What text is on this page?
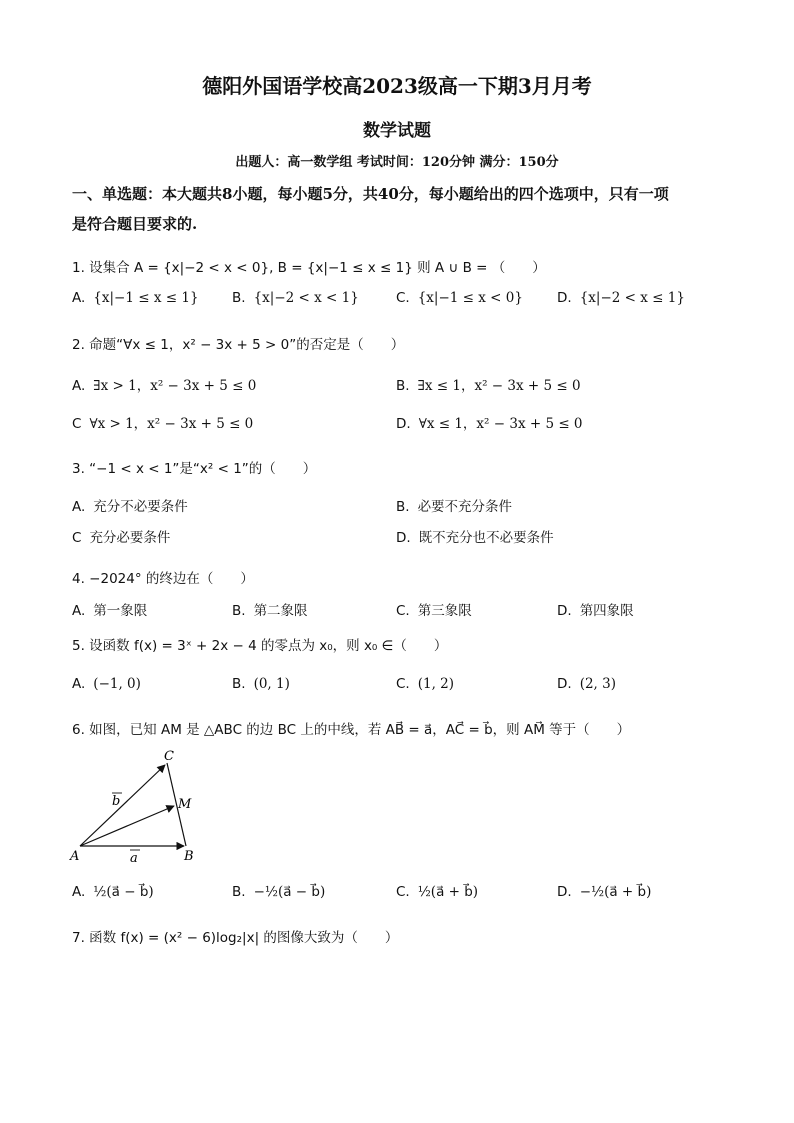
德阳外国语学校高2023级高一下期3月月考
数学试题
出题人：高一数学组 考试时间：120分钟 满分：150分
一、单选题：本大题共8小题，每小题5分，共40分，每小题给出的四个选项中，只有一项
是符合题目要求的.
1. 设集合 A = {x|−2 < x < 0}, B = {x|−1 ≤ x ≤ 1} 则 A ∪ B = （　　）
A. {x|−1 ≤ x ≤ 1} B. {x|−2 < x < 1}	C. {x|−1 ≤ x < 0}	D. {x|−2 < x ≤ 1}
2. 命题“∀x ≤ 1，x² − 3x + 5 > 0”的否定是（　　）
A. ∃x > 1，x² − 3x + 5 ≤ 0	B. ∃x ≤ 1，x² − 3x + 5 ≤ 0
C ∀x > 1，x² − 3x + 5 ≤ 0	D. ∀x ≤ 1，x² − 3x + 5 ≤ 0
3. “−1 < x < 1”是“x² < 1”的（　　）
A. 充分不必要条件	B. 必要不充分条件
C 充分必要条件	D. 既不充分也不必要条件
4. −2024° 的终边在（　　）
A. 第一象限	B. 第二象限	C. 第三象限	D. 第四象限
5. 设函数 f(x) = 3ˣ + 2x − 4 的零点为 x₀，则 x₀ ∈（　　）
A. (−1, 0)	B. (0, 1)	C. (1, 2)	D. (2, 3)
6. 如图，已知 AM 是 △ABC 的边 BC 上的中线，若 AB⃗ = a⃗，AC⃗ = b⃗，则 AM⃗ 等于（　　）
A	B
C
M
a
b
A. ½(a⃗ − b⃗)	B. −½(a⃗ − b⃗)	C. ½(a⃗ + b⃗)	D. −½(a⃗ + b⃗)
7. 函数 f(x) = (x² − 6)log₂|x| 的图像大致为（　　）
